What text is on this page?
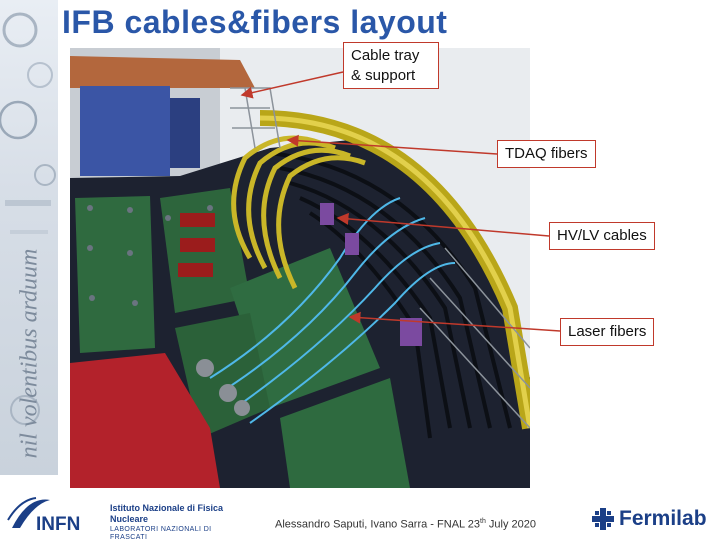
nil volentibus arduum
IFB cables&fibers layout
Cable tray
& support
TDAQ fibers
HV/LV cables
Laser fibers
INFN
Istituto Nazionale di Fisica Nucleare
LABORATORI NAZIONALI DI FRASCATI
Alessandro Saputi, Ivano Sarra - FNAL 23th July 2020	Fermilab
